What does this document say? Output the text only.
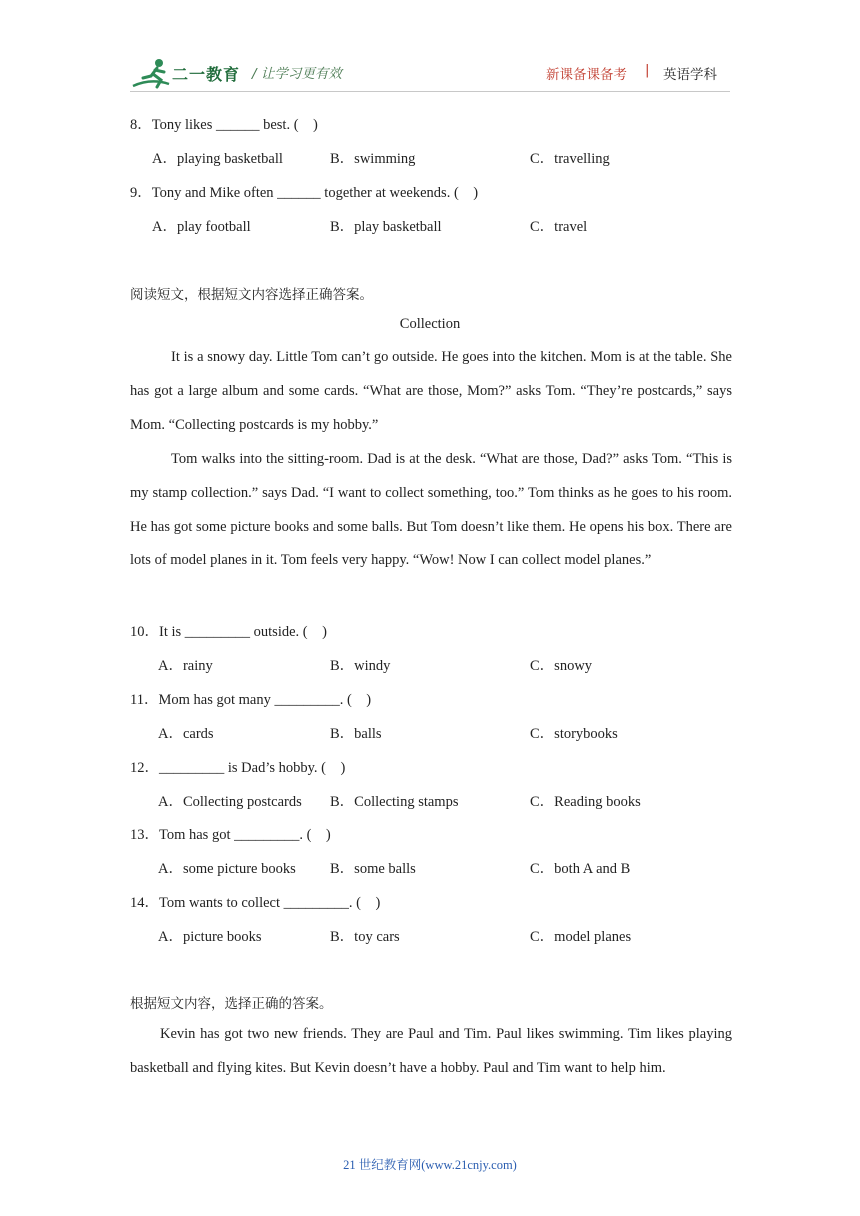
二一教育 / 让学习更有效	新课备课备考 | 英语学科
8．Tony likes ______ best. (　)
A．playing basketball	B．swimming	C．travelling
9．Tony and Mike often ______ together at weekends. (　)
A．play football	B．play basketball	C．travel
阅读短文，根据短文内容选择正确答案。
Collection
It is a snowy day. Little Tom can’t go outside. He goes into the kitchen. Mom is at the table. She has got a large album and some cards. “What are those, Mom?” asks Tom. “They’re postcards,” says Mom. “Collecting postcards is my hobby.”
Tom walks into the sitting-room. Dad is at the desk. “What are those, Dad?” asks Tom. “This is my stamp collection.” says Dad. “I want to collect something, too.” Tom thinks as he goes to his room. He has got some picture books and some balls. But Tom doesn’t like them. He opens his box. There are lots of model planes in it. Tom feels very happy. “Wow! Now I can collect model planes.”
10．It is _________ outside. (　)
A．rainy	B．windy	C．snowy
11．Mom has got many _________. (　)
A．cards	B．balls	C．storybooks
12．_________ is Dad’s hobby. (　)
A．Collecting postcards B．Collecting stamps	C．Reading books
13．Tom has got _________. (　)
A．some picture books B．some balls	C．both A and B
14．Tom wants to collect _________. (　)
A．picture books	B．toy cars	C．model planes
根据短文内容，选择正确的答案。
Kevin has got two new friends. They are Paul and Tim. Paul likes swimming. Tim likes playing basketball and flying kites. But Kevin doesn’t have a hobby. Paul and Tim want to help him.
21 世纪教育网(www.21cnjy.com)
